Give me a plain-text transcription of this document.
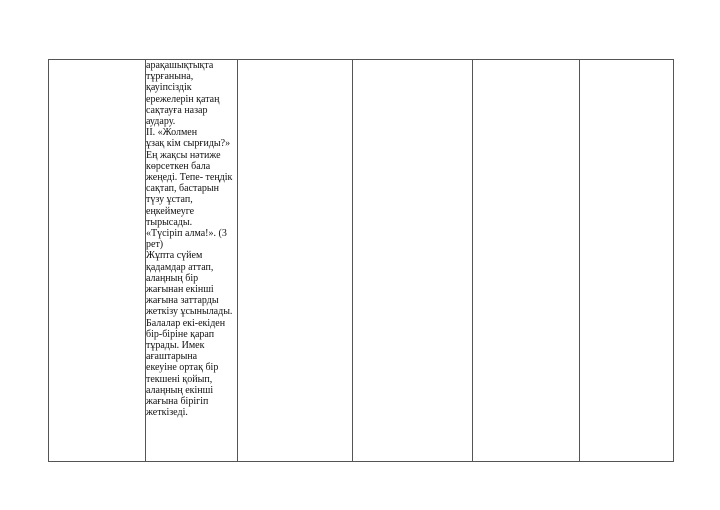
арақашықтықта
тұрғанына,
қауіпсіздік
ережелерін қатаң
сақтауға назар
аудару.
II. «Жолмен
ұзақ кім сырғиды?»
Ең жақсы нәтиже
көрсеткен бала
жеңеді. Тепе- теңдік
сақтап, бастарын
түзу ұстап,
еңкеймеуге
тырысады.
«Түсіріп алма!». (3
рет)
Жұпта сүйем
қадамдар аттап,
алаңның бір
жағынан екінші
жағына заттарды
жеткізу ұсынылады.
Балалар екі-екіден
бір-біріне қарап
тұрады. Имек
ағаштарына
екеуіне ортақ бір
текшені қойып,
алаңның екінші
жағына бірігіп
жеткізеді.
